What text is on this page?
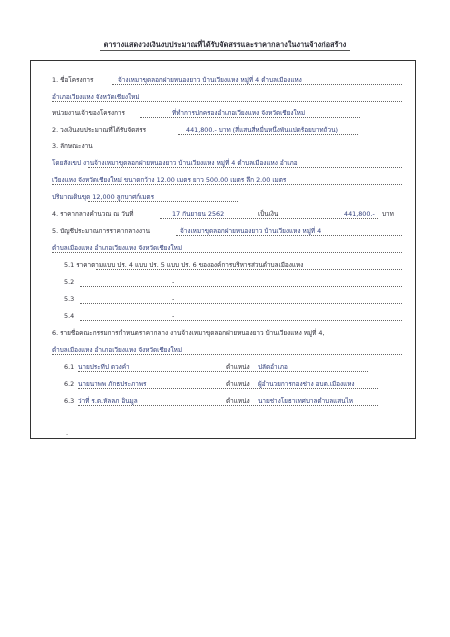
ตารางแสดงวงเงินงบประมาณที่ได้รับจัดสรรและราคากลางในงานจ้างก่อสร้าง
1. ชื่อโครงการ	จ้างเหมาขุดลอกฝายหนองยาว บ้านเวียงแหง หมู่ที่ 4 ตำบลเมืองแหง
อำเภอเวียงแหง จังหวัดเชียงใหม่
หน่วยงานเจ้าของโครงการ	ที่ทำการปกครองอำเภอเวียงแหง จังหวัดเชียงใหม่
2. วงเงินงบประมาณที่ได้รับจัดสรร	441,800.- บาท (สี่แสนสี่หมื่นหนึ่งพันแปดร้อยบาทถ้วน)
3. ลักษณะงาน
โดยสังเขป งานจ้างเหมาขุดลอกฝายหนองยาว บ้านเวียงแหง หมู่ที่ 4 ตำบลเมืองแหง อำเภอ
เวียงแหง จังหวัดเชียงใหม่ ขนาดกว้าง 12.00 เมตร ยาว 500.00 เมตร ลึก 2.00 เมตร
ปริมาณดินขุด 12,000 ลูกบาศก์เมตร
4. ราคากลางคำนวณ ณ วันที่	17 กันยายน 2562	เป็นเงิน	441,800.- บาท
5. บัญชีประมาณการราคากลางงาน	จ้างเหมาขุดลอกฝายหนองยาว บ้านเวียงแหง หมู่ที่ 4
ตำบลเมืองแหง อำเภอเวียงแหง จังหวัดเชียงใหม่
5.1 ราคาตามแบบ ปร. 4 แบบ ปร. 5 แบบ ปร. 6 ขององค์การบริหารส่วนตำบลเมืองแหง
5.2	-
5.3	-
5.4	-
6. รายชื่อคณะกรรมการกำหนดราคากลาง งานจ้างเหมาขุดลอกฝายหนองยาว บ้านเวียงแหง หมู่ที่ 4,
ตำบลเมืองแหง อำเภอเวียงแหง จังหวัดเชียงใหม่
6.1 นายประทีป ดวงคำ	ตำแหน่ง ปลัดอำเภอ
6.2 นายนาพพ ภักธประภาพร	ตำแหน่ง ผู้อำนวยการกองช่าง อบต.เมืองแหง
6.3 ว่าที่ ร.ต.หัลลภ อินมูล	ตำแหน่ง นายช่างโยธาเทศบาลตำบลแสนไห
-
